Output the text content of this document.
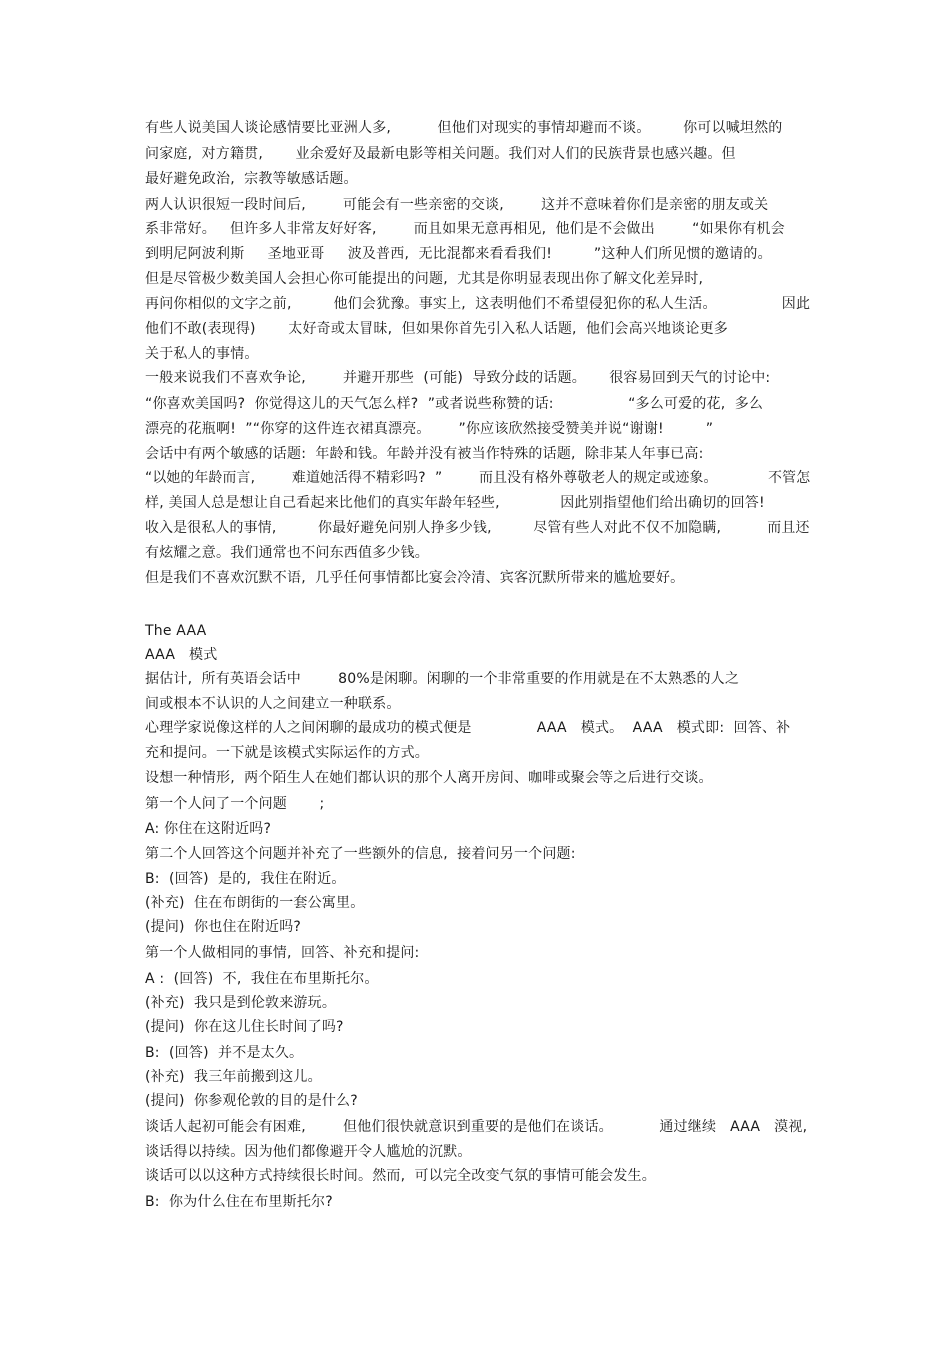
有些人说美国人谈论感情要比亚洲人多,          但他们对现实的事情却避而不谈。       你可以喊坦然的
问家庭,  对方籍贯,       业余爱好及最新电影等相关问题。我们对人们的民族背景也感兴趣。但
最好避免政治,  宗教等敏感话题。
两人认识很短一段时间后,        可能会有一些亲密的交谈,        这并不意味着你们是亲密的朋友或关
系非常好。   但许多人非常友好好客,        而且如果无意再相见,  他们是不会做出        “如果你有机会
到明尼阿波利斯     圣地亚哥     波及普西,  无比混都来看看我们!         ”这种人们所见惯的邀请的。
但是尽管极少数美国人会担心你可能提出的问题,  尤其是你明显表现出你了解文化差异时,
再问你相似的文字之前,         他们会犹豫。事实上,  这表明他们不希望侵犯你的私人生活。              因此
他们不敢(表现得)       太好奇或太冒昧,  但如果你首先引入私人话题,  他们会高兴地谈论更多
关于私人的事情。
一般来说我们不喜欢争论,        并避开那些  (可能)  导致分歧的话题。     很容易回到天气的讨论中:
“你喜欢美国吗?  你觉得这儿的天气怎么样?  ”或者说些称赞的话:                “多么可爱的花,  多么
漂亮的花瓶啊!  ”“你穿的这件连衣裙真漂亮。      ”你应该欣然接受赞美并说“谢谢!         ”
会话中有两个敏感的话题:  年龄和钱。年龄并没有被当作特殊的话题,  除非某人年事已高:
“以她的年龄而言,        难道她活得不精彩吗?  ”        而且没有格外尊敬老人的规定或迹象。           不管怎
样, 美国人总是想让自己看起来比他们的真实年龄年轻些,             因此别指望他们给出确切的回答!
收入是很私人的事情,         你最好避免问别人挣多少钱,         尽管有些人对此不仅不加隐瞒,          而且还
有炫耀之意。我们通常也不问东西值多少钱。
但是我们不喜欢沉默不语,  几乎任何事情都比宴会冷清、宾客沉默所带来的尴尬要好。
The AAA
AAA   模式
据估计,  所有英语会话中        80%是闲聊。闲聊的一个非常重要的作用就是在不太熟悉的人之
间或根本不认识的人之间建立一种联系。
心理学家说像这样的人之间闲聊的最成功的模式便是              AAA   模式。  AAA   模式即:  回答、补
充和提问。一下就是该模式实际运作的方式。
设想一种情形,  两个陌生人在她们都认识的那个人离开房间、咖啡或聚会等之后进行交谈。
第一个人问了一个问题       ;
A: 你住在这附近吗?
第二个人回答这个问题并补充了一些额外的信息,  接着问另一个问题:
B:  (回答)  是的,  我住在附近。
(补充)  住在布朗街的一套公寓里。
(提问)  你也住在附近吗?
第一个人做相同的事情,  回答、补充和提问:
A :  (回答)  不,  我住在布里斯托尔。
(补充)  我只是到伦敦来游玩。
(提问)  你在这儿住长时间了吗?
B:  (回答)  并不是太久。
(补充)  我三年前搬到这儿。
(提问)  你参观伦敦的目的是什么?
谈话人起初可能会有困难,        但他们很快就意识到重要的是他们在谈话。          通过继续   AAA   漠视,
谈话得以持续。因为他们都像避开令人尴尬的沉默。
谈话可以以这种方式持续很长时间。然而,  可以完全改变气氛的事情可能会发生。
B:  你为什么住在布里斯托尔?
